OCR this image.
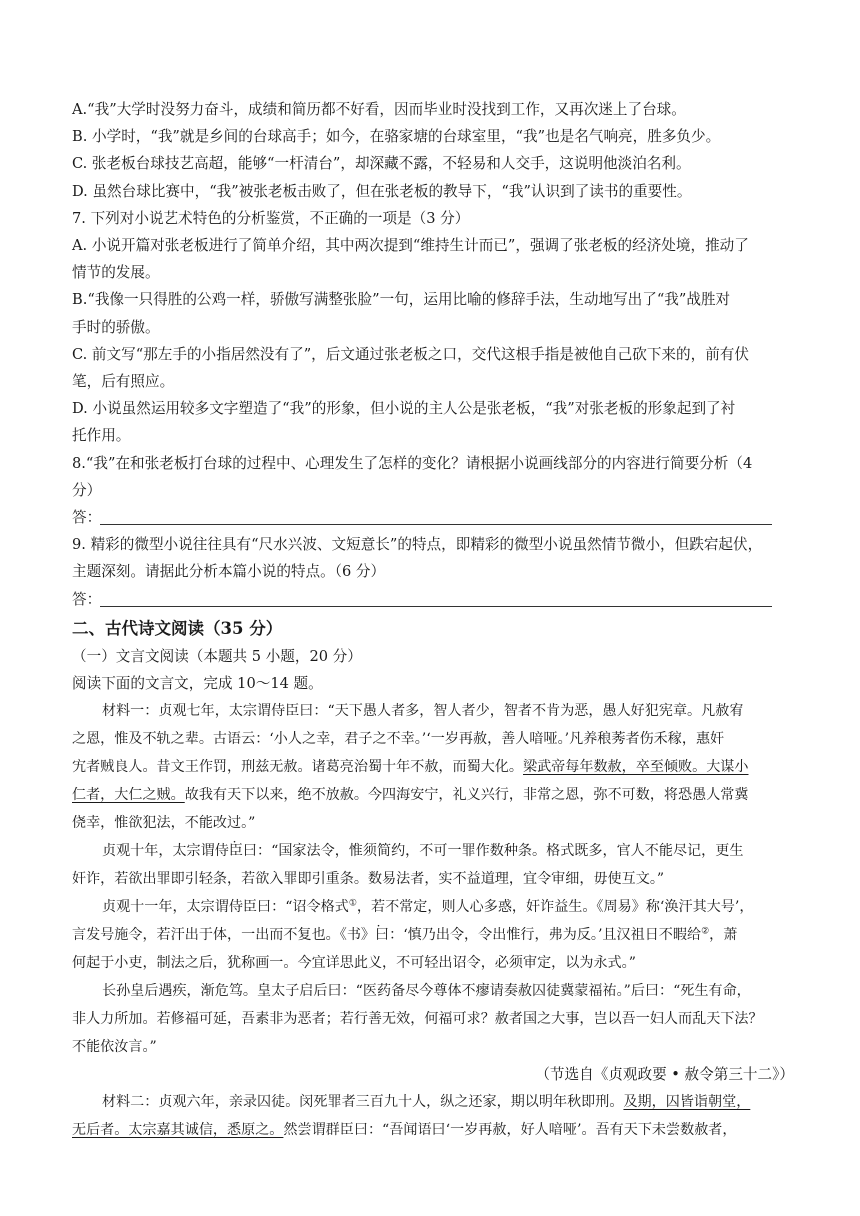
A.“我”大学时没努力奋斗，成绩和简历都不好看，因而毕业时没找到工作，又再次迷上了台球。

B. 小学时，“我”就是乡间的台球高手；如今，在骆家塘的台球室里，“我”也是名气响亮，胜多负少。

C. 张老板台球技艺高超，能够“一杆清台”，却深藏不露，不轻易和人交手，这说明他淡泊名利。

D. 虽然台球比赛中，“我”被张老板击败了，但在张老板的教导下，“我”认识到了读书的重要性。

7. 下列对小说艺术特色的分析鉴赏，不正确的一项是（3 分）

A. 小说开篇对张老板进行了简单介绍，其中两次提到“维持生计而已”，强调了张老板的经济处境，推动了

情节的发展。

B.“我像一只得胜的公鸡一样，骄傲写满整张脸”一句，运用比喻的修辞手法，生动地写出了“我”战胜对

手时的骄傲。

C. 前文写“那左手的小指居然没有了”，后文通过张老板之口，交代这根手指是被他自己砍下来的，前有伏

笔，后有照应。

D. 小说虽然运用较多文字塑造了“我”的形象，但小说的主人公是张老板，“我”对张老板的形象起到了衬

托作用。

8.“我”在和张老板打台球的过程中、心理发生了怎样的变化？请根据小说画线部分的内容进行简要分析（4

分）

答：

9. 精彩的微型小说往往具有“尺水兴波、文短意长”的特点，即精彩的微型小说虽然情节微小，但跌宕起伏，

主题深刻。请据此分析本篇小说的特点。（6 分）

答：

二、古代诗文阅读（35 分）

（一）文言文阅读（本题共 5 小题，20 分）

阅读下面的文言文，完成 10～14 题。

材料一：贞观七年，太宗谓侍臣曰：“天下愚人者多，智人者少，智者不肯为恶，愚人好犯宪章。凡赦宥

之恩，惟及不轨之辈。古语云：‘小人之幸，君子之不幸。’‘一岁再赦，善人喑哑。’凡养稂莠者伤禾稼，惠奸

宄者贼良人。昔文王作罚，刑兹无赦。诸葛亮治蜀十年不赦，而蜀大化。梁武帝每年数赦，卒至倾败。大谋小

仁者，大仁之贼。故我有天下以来，绝不放赦。今四海安宁，礼义兴行，非常之恩，弥不可数，将恐愚人常冀

侥幸，惟欲犯法，不能改过。”

贞观十年，太宗谓侍臣曰：“国家法令，惟须简约，不可一罪作数种条。格式既多，官人不能尽记，更生

奸诈，若欲出罪即引轻条，若欲入罪即引重条。数易法者，实不益道理，宜令审细，毋使互文。”

贞观十一年，太宗谓侍臣曰：“诏令格式①，若不常定，则人心多惑，奸诈益生。《周易》称‘涣汗其大号’，

言发号施令，若汗出于体，一出而不复也。《书》曰：‘慎乃出令，令出惟行，弗为反。’且汉祖日不暇给②，萧

何起于小吏，制法之后，犹称画一。今宜详思此义，不可轻出诏令，必须审定，以为永式。”

长孙皇后遇疾，渐危笃。皇太子启后曰：“医药备尽今尊体不瘳请奏赦囚徒冀蒙福祐。”后曰：“死生有命，

非人力所加。若修福可延，吾素非为恶者；若行善无效，何福可求？赦者国之大事，岂以吾一妇人而乱天下法？

不能依汝言。”

（节选自《贞观政要 • 赦令第三十二》）

材料二：贞观六年，亲录囚徒。闵死罪者三百九十人，纵之还家，期以明年秋即刑。及期，囚皆诣朝堂，

无后者。太宗嘉其诚信，悉原之。然尝谓群臣曰：“吾闻语曰‘一岁再赦，好人喑哑’。吾有天下未尝数赦者，
